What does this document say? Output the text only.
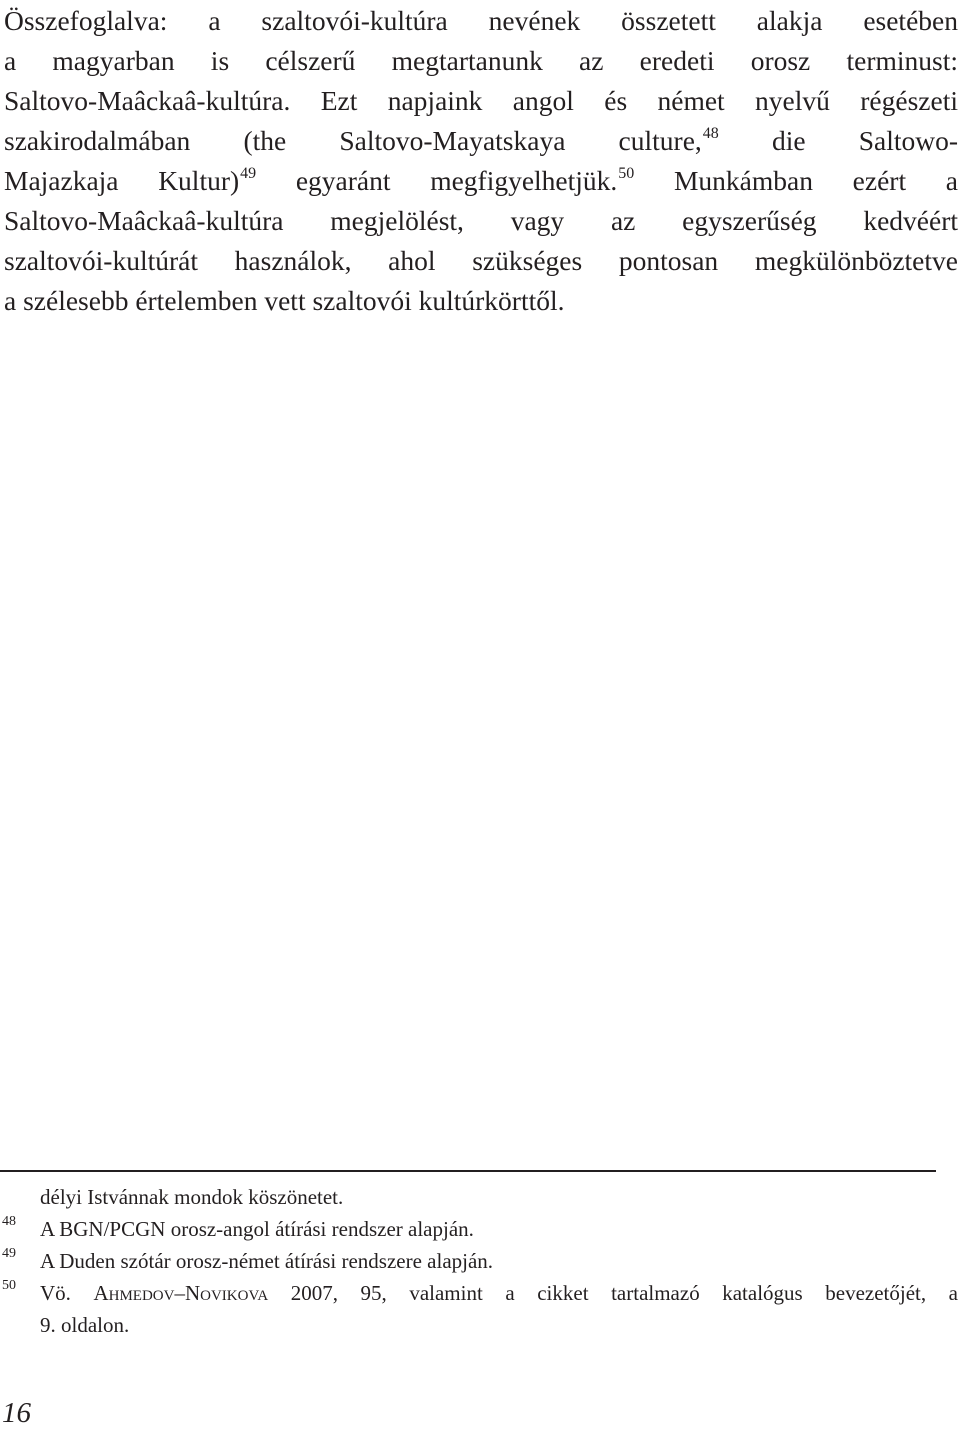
Összefoglalva: a szaltovói-kultúra nevének összetett alakja esetében
a magyarban is célszerű megtartanunk az eredeti orosz terminust:
Saltovo-Maâckaâ-kultúra. Ezt napjaink angol és német nyelvű régészeti
szakirodalmában (the Saltovo-Mayatskaya culture,$^{48}$ die Saltowo-
Majazkaja Kultur)$^{49}$ egyaránt megfigyelhetjük.$^{50}$ Munkámban ezért a
Saltovo-Maâckaâ-kultúra megjelölést, vagy az egyszerűség kedvéért
szaltovói-kultúrát használok, ahol szükséges pontosan megkülönböztetve
a szélesebb értelemben vett szaltovói kultúrkörttől.
délyi Istvánnak mondok köszönetet.
48 A BGN/PCGN orosz-angol átírási rendszer alapján.
49 A Duden szótár orosz-német átírási rendszere alapján.
50 Vö. Ahmedov–Novikova 2007, 95, valamint a cikket tartalmazó katalógus bevezetőjét, a
9. oldalon.
16
